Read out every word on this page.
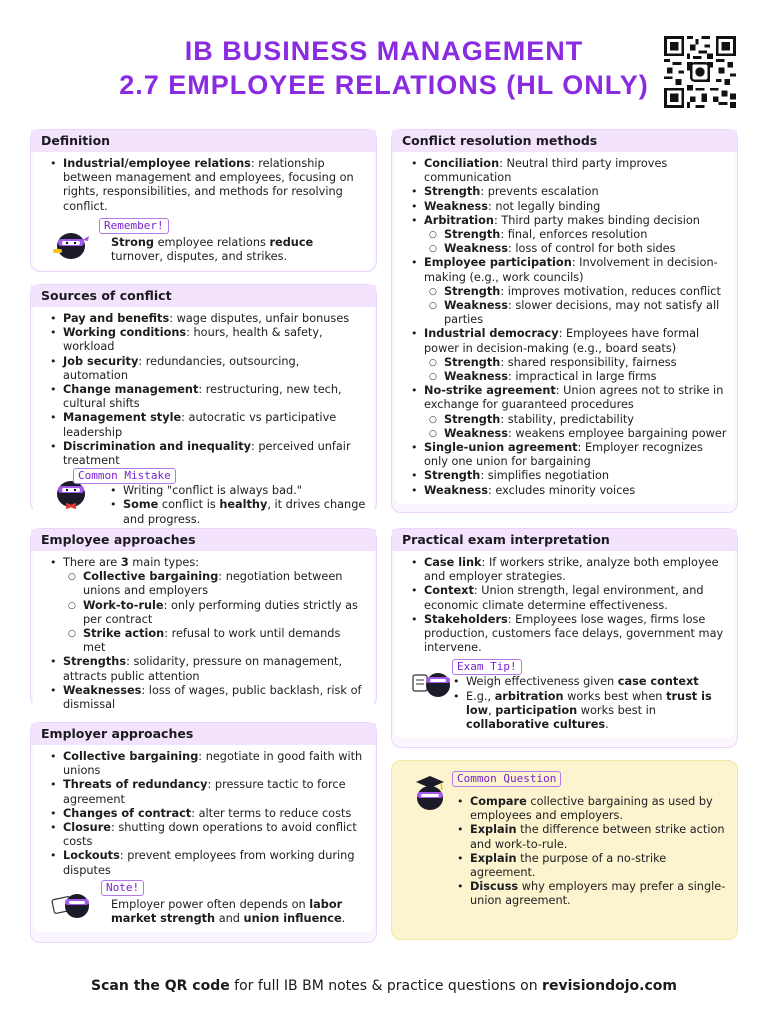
IB BUSINESS MANAGEMENT
2.7 EMPLOYEE RELATIONS (HL ONLY)
Definition
• Industrial/employee relations: relationship between management and employees, focusing on rights, responsibilities, and methods for resolving conflict.
Remember!
Strong employee relations reduce turnover, disputes, and strikes.
Sources of conflict
• Pay and benefits: wage disputes, unfair bonuses
• Working conditions: hours, health & safety, workload
• Job security: redundancies, outsourcing, automation
• Change management: restructuring, new tech, cultural shifts
• Management style: autocratic vs participative leadership
• Discrimination and inequality: perceived unfair treatment
Common Mistake
• Writing "conflict is always bad."
• Some conflict is healthy, it drives change and progress.
Employee approaches
• There are 3 main types:
○ Collective bargaining: negotiation between unions and employers
○ Work-to-rule: only performing duties strictly as per contract
○ Strike action: refusal to work until demands met
• Strengths: solidarity, pressure on management, attracts public attention
• Weaknesses: loss of wages, public backlash, risk of dismissal
Employer approaches
• Collective bargaining: negotiate in good faith with unions
• Threats of redundancy: pressure tactic to force agreement
• Changes of contract: alter terms to reduce costs
• Closure: shutting down operations to avoid conflict costs
• Lockouts: prevent employees from working during disputes
Note!
Employer power often depends on labor market strength and union influence.
Conflict resolution methods
• Conciliation: Neutral third party improves communication
• Strength: prevents escalation
• Weakness: not legally binding
• Arbitration: Third party makes binding decision
○ Strength: final, enforces resolution
○ Weakness: loss of control for both sides
• Employee participation: Involvement in decision-making (e.g., work councils)
○ Strength: improves motivation, reduces conflict
○ Weakness: slower decisions, may not satisfy all parties
• Industrial democracy: Employees have formal power in decision-making (e.g., board seats)
○ Strength: shared responsibility, fairness
○ Weakness: impractical in large firms
• No-strike agreement: Union agrees not to strike in exchange for guaranteed procedures
○ Strength: stability, predictability
○ Weakness: weakens employee bargaining power
• Single-union agreement: Employer recognizes only one union for bargaining
• Strength: simplifies negotiation
• Weakness: excludes minority voices
Practical exam interpretation
• Case link: If workers strike, analyze both employee and employer strategies.
• Context: Union strength, legal environment, and economic climate determine effectiveness.
• Stakeholders: Employees lose wages, firms lose production, customers face delays, government may intervene.
Exam Tip!
• Weigh effectiveness given case context
• E.g., arbitration works best when trust is low, participation works best in collaborative cultures.
Common Question
• Compare collective bargaining as used by employees and employers.
• Explain the difference between strike action and work-to-rule.
• Explain the purpose of a no-strike agreement.
• Discuss why employers may prefer a single-union agreement.
Scan the QR code for full IB BM notes & practice questions on revisiondojo.com
